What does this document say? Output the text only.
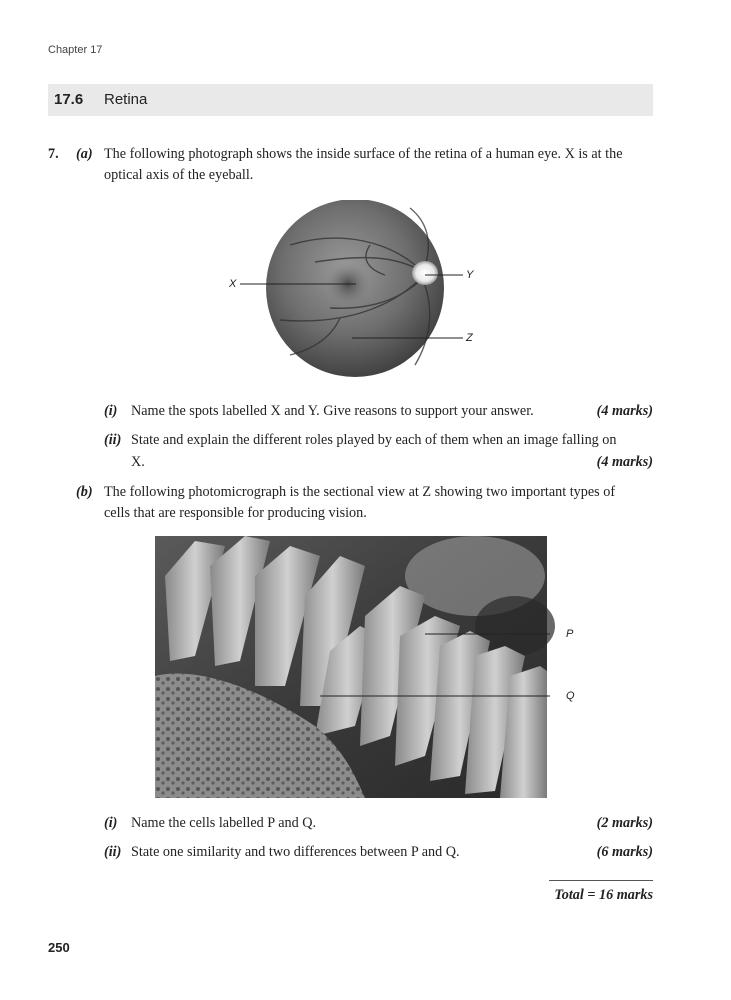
Chapter 17
17.6 Retina
7. (a) The following photograph shows the inside surface of the retina of a human eye. X is at the
optical axis of the eyeball.
X
Y
Z
(i) Name the spots labelled X and Y. Give reasons to support your answer.	(4 marks)
(ii) State and explain the different roles played by each of them when an image falling on
X.	(4 marks)
(b) The following photomicrograph is the sectional view at Z showing two important types of
cells that are responsible for producing vision.
P
Q
(i) Name the cells labelled P and Q.	(2 marks)
(ii) State one similarity and two differences between P and Q.	(6 marks)
Total = 16 marks
250
